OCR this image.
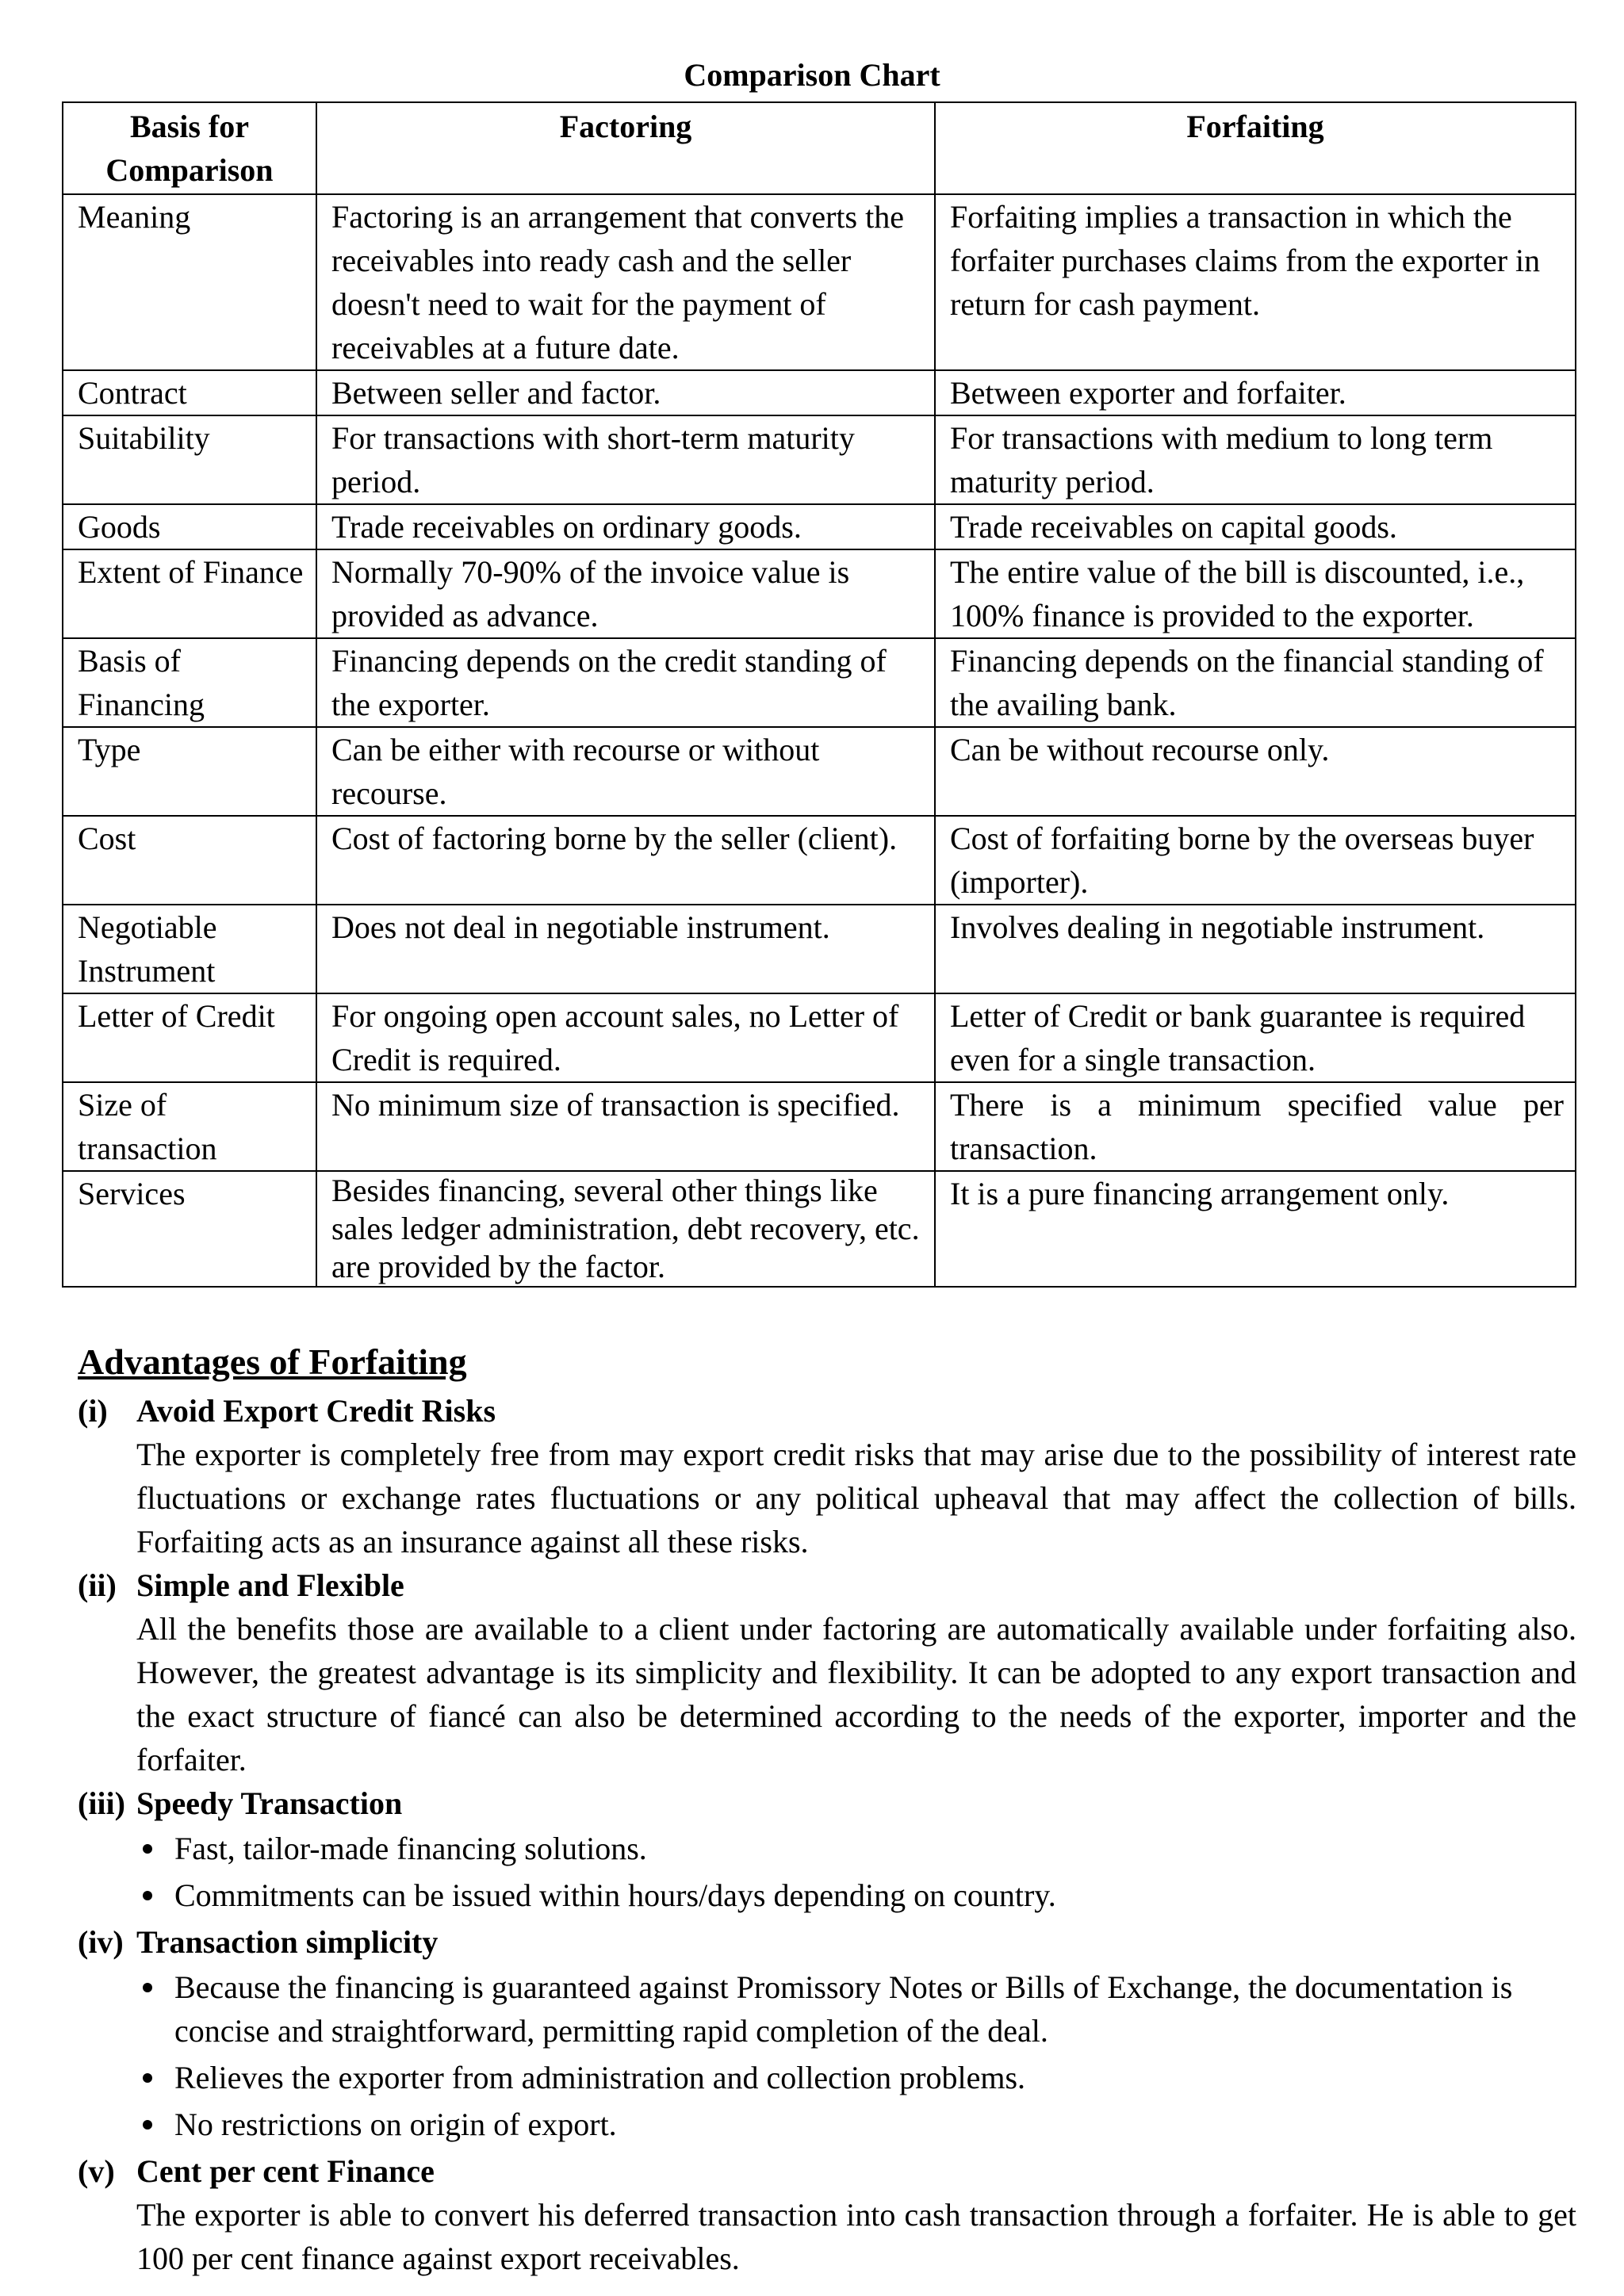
Comparison Chart
Basis for Comparison	Factoring	Forfaiting
Meaning	Factoring is an arrangement that converts the receivables into ready cash and the seller doesn't need to wait for the payment of receivables at a future date.	Forfaiting implies a transaction in which the forfaiter purchases claims from the exporter in return for cash payment.
Contract	Between seller and factor.	Between exporter and forfaiter.
Suitability	For transactions with short-term maturity period.	For transactions with medium to long term maturity period.
Goods	Trade receivables on ordinary goods.	Trade receivables on capital goods.
Extent of Finance	Normally 70-90% of the invoice value is provided as advance.	The entire value of the bill is discounted, i.e., 100% finance is provided to the exporter.
Basis of Financing	Financing depends on the credit standing of the exporter.	Financing depends on the financial standing of the availing bank.
Type	Can be either with recourse or without recourse.	Can be without recourse only.
Cost	Cost of factoring borne by the seller (client).	Cost of forfaiting borne by the overseas buyer (importer).
Negotiable Instrument	Does not deal in negotiable instrument.	Involves dealing in negotiable instrument.
Letter of Credit	For ongoing open account sales, no Letter of Credit is required.	Letter of Credit or bank guarantee is required even for a single transaction.
Size of transaction	No minimum size of transaction is specified.	There is a minimum specified value per transaction.
Services	Besides financing, several other things like sales ledger administration, debt recovery, etc. are provided by the factor.	It is a pure financing arrangement only.
Advantages of Forfaiting
(i) Avoid Export Credit Risks
The exporter is completely free from may export credit risks that may arise due to the possibility of interest rate fluctuations or exchange rates fluctuations or any political upheaval that may affect the collection of bills. Forfaiting acts as an insurance against all these risks.
(ii) Simple and Flexible
All the benefits those are available to a client under factoring are automatically available under forfaiting also. However, the greatest advantage is its simplicity and flexibility. It can be adopted to any export transaction and the exact structure of fiancé can also be determined according to the needs of the exporter, importer and the forfaiter.
(iii) Speedy Transaction
Fast, tailor-made financing solutions.
Commitments can be issued within hours/days depending on country.
(iv) Transaction simplicity
Because the financing is guaranteed against Promissory Notes or Bills of Exchange, the documentation is concise and straightforward, permitting rapid completion of the deal.
Relieves the exporter from administration and collection problems.
No restrictions on origin of export.
(v) Cent per cent Finance
The exporter is able to convert his deferred transaction into cash transaction through a forfaiter. He is able to get 100 per cent finance against export receivables.
